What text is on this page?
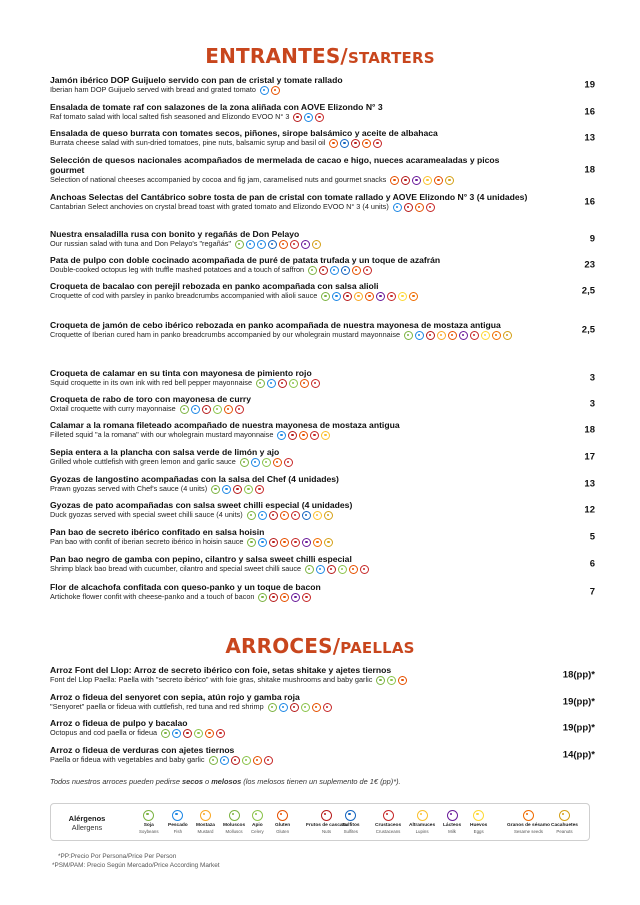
ENTRANTES/STARTERS
Jamón ibérico DOP Guijuelo servido con pan de cristal y tomate rallado
Iberian ham DOP Guijuelo served with bread and grated tomato	19
Ensalada de tomate raf con salazones de la zona aliñada con AOVE Elizondo N° 3
Raf tomato salad with local salted fish seasoned and Elizondo EVOO N° 3	16
Ensalada de queso burrata con tomates secos, piñones, sirope balsámico y aceite de albahaca
Burrata cheese salad with sun-dried tomatoes, pine nuts, balsamic syrup and basil oil	13
Selección de quesos nacionales acompañados de mermelada de cacao e higo, nueces acaramealadas y picos gourmet
Selection of national cheeses accompanied by cocoa and fig jam, caramelised nuts and gourmet snacks
18
Anchoas Selectas del Cantábrico sobre tosta de pan de cristal con tomate rallado y AOVE Elizondo N° 3 (4 unidades)
Cantabrian Select anchovies on crystal bread toast with grated tomato and Elizondo EVOO N° 3 (4 units)	16
Nuestra ensaladilla rusa con bonito y regañás de Don Pelayo
Our russian salad with tuna and Don Pelayo's "regañás"	9
Pata de pulpo con doble cocinado acompañada de puré de patata trufada y un toque de azafrán
Double-cooked octopus leg with truffle mashed potatoes and a touch of saffron	23
Croqueta de bacalao con perejil rebozada en panko acompañada con salsa alioli
Croquette of cod with parsley in panko breadcrumbs accompanied with alioli sauce	2,5
Croqueta de jamón de cebo ibérico rebozada en panko acompañada de nuestra mayonesa de mostaza antigua
Croquette of Iberian cured ham in panko breadcrumbs accompanied by our wholegrain mustard mayonnaise	2,5
Croqueta de calamar en su tinta con mayonesa de pimiento rojo
Squid croquette in its own ink with red bell pepper mayonnaise	3
Croqueta de rabo de toro con mayonesa de curry
Oxtail croquette with curry mayonnaise	3
Calamar a la romana fileteado acompañado de nuestra mayonesa de mostaza antigua
Filleted squid "a la romana" with our wholegrain mustard mayonnaise	18
Sepia entera a la plancha con salsa verde de limón y ajo
Grilled whole cuttlefish with green lemon and garlic sauce	17
Gyozas de langostino acompañadas con la salsa del Chef (4 unidades)
Prawn gyozas served with Chef's sauce (4 units)	13
Gyozas de pato acompañadas con salsa sweet chilli especial (4 unidades)
Duck gyozas served with special sweet chilli sauce (4 units)	12
Pan bao de secreto ibérico confitado en salsa hoisin
Pan bao with confit of iberian secreto ibérico in hoisin sauce	5
Pan bao negro de gamba con pepino, cilantro y salsa sweet chilli especial
Shrimp black bao bread with cucumber, cilantro and special sweet chilli sauce	6
Flor de alcachofa confitada con queso-panko y un toque de bacon
Artichoke flower confit with cheese-panko and a touch of bacon	7
ARROCES/PAELLAS
Arroz Font del Llop: Arroz de secreto ibérico con foie, setas shitake y ajetes tiernos
Font del Llop Paella: Paella with "secreto ibérico" with foie gras, shitake mushrooms and baby garlic	18(pp)*
Arroz o fideua del senyoret con sepia, atún rojo y gamba roja
"Senyoret" paella or fideua with cuttlefish, red tuna and red shrimp	19(pp)*
Arroz o fideua de pulpo y bacalao
Octopus and cod paella or fideua	19(pp)*
Arroz o fideua de verduras con ajetes tiernos
Paella or fideua with vegetables and baby garlic	14(pp)*
Todos nuestros arroces pueden pedirse secos o melosos (los melosos tienen un suplemento de 1€ (pp)*).
Alérgenos
Allergens	Soja
Soybeans
Pescado
Fish
Mostaza
Mustard
Moluscos
Molluscs
Apio
Celery
Gluten
Gluten
Frutos de cascara
Nuts
Sulfitos
Sulfites
Crustaceos
Crustaceans
Altramuces
Lupins
Lácteos
Milk
Huevos
Eggs
Granos de sésamo
Sesame seeds
Cacahuetes
Peanuts
*PP:Precio Por Persona/Price Per Person
*PSM/PAM: Precio Según Mercado/Price According Market
